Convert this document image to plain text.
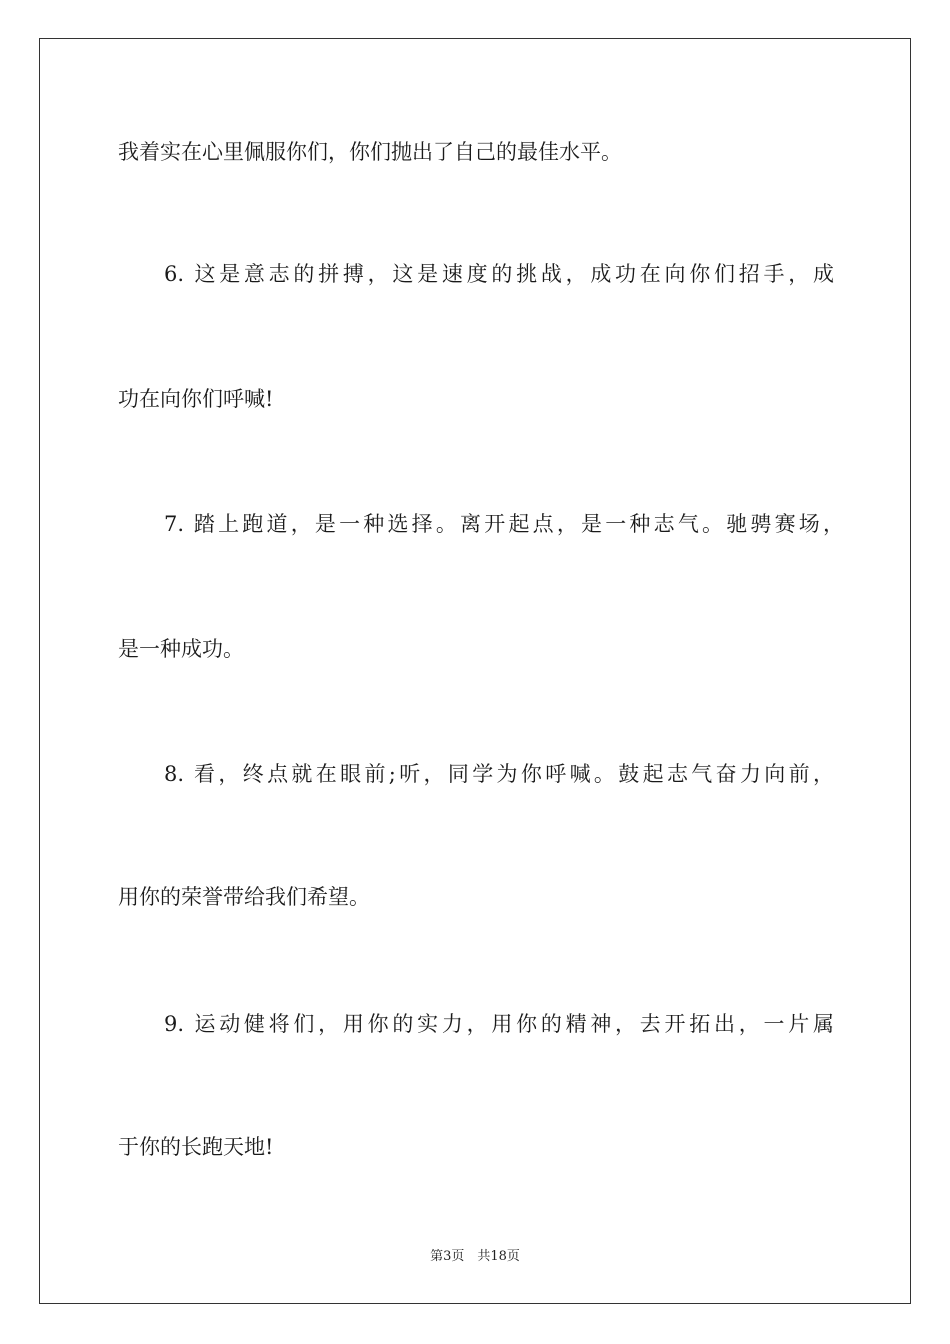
我着实在心里佩服你们，你们抛出了自己的最佳水平。
6. 这是意志的拼搏，这是速度的挑战，成功在向你们招手，成
功在向你们呼喊!
7. 踏上跑道，是一种选择。离开起点，是一种志气。驰骋赛场，
是一种成功。
8. 看，终点就在眼前;听，同学为你呼喊。鼓起志气奋力向前，
用你的荣誉带给我们希望。
9. 运动健将们，用你的实力，用你的精神，去开拓出，一片属
于你的长跑天地!
第3页　共18页
